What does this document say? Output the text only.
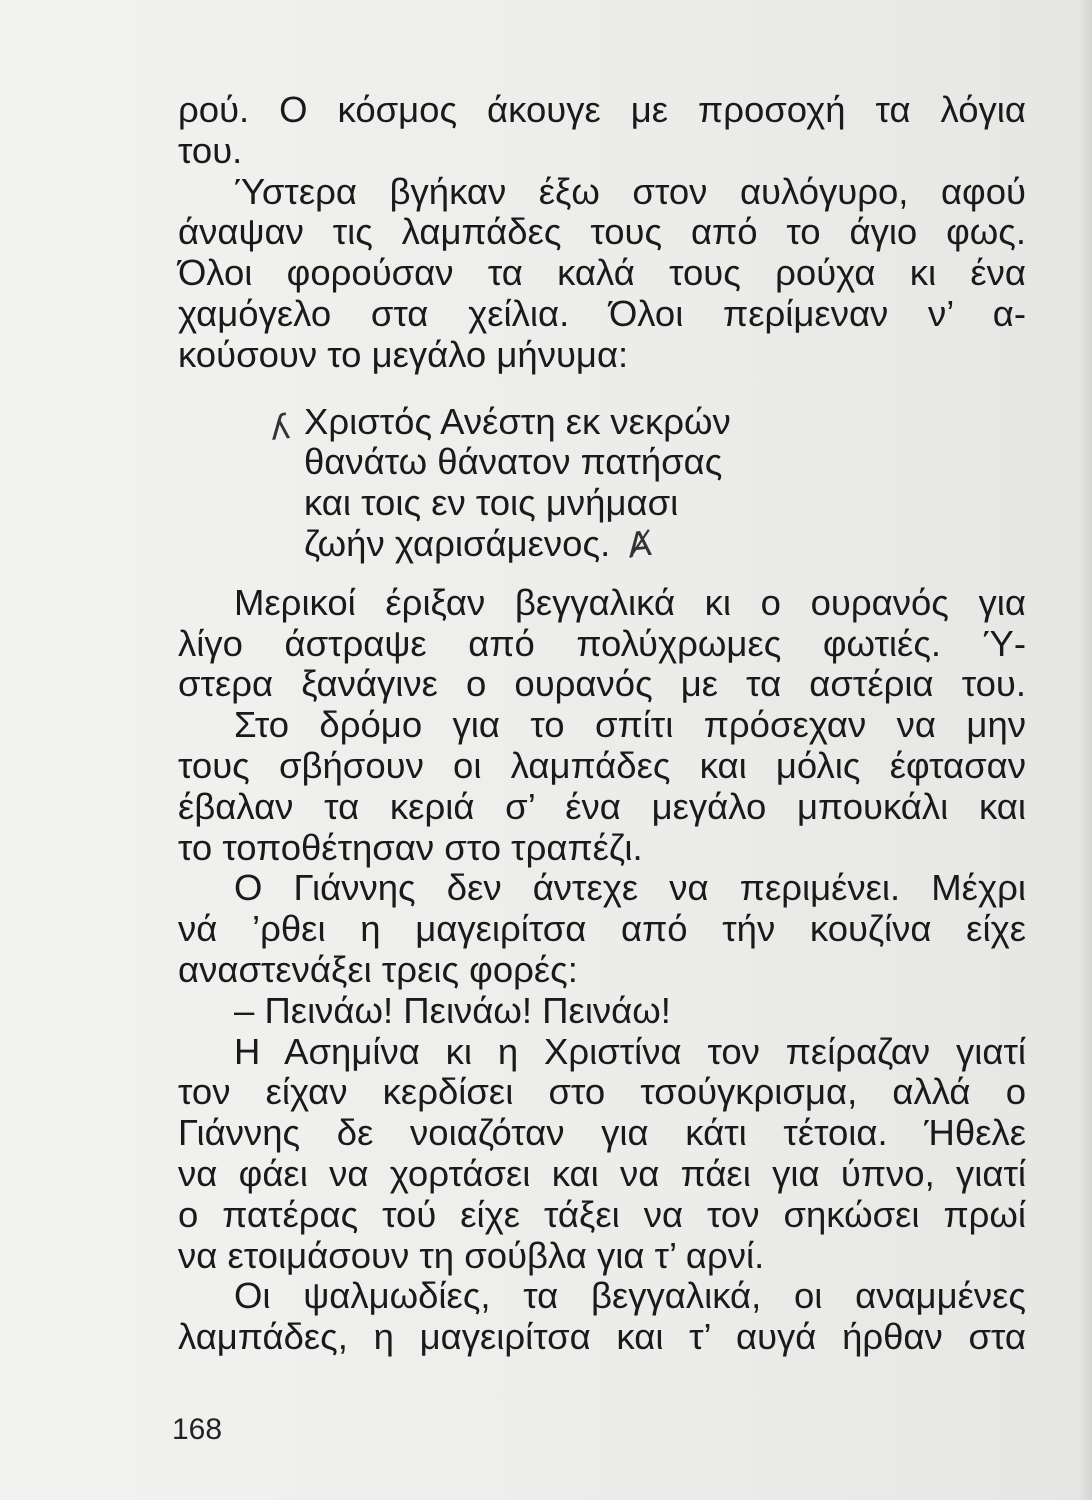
ρού. Ο κόσμος άκουγε με προσοχή τα λόγια
του.
Ύστερα βγήκαν έξω στον αυλόγυρο, αφού
άναψαν τις λαμπάδες τους από το άγιο φως.
Όλοι φορούσαν τα καλά τους ρούχα κι ένα
χαμόγελο στα χείλια. Όλοι περίμεναν ν’ α-
κούσουν το μεγάλο μήνυμα:
ʎ Χριστός Ανέστη εκ νεκρών
θανάτω θάνατον πατήσας
και τοις εν τοις μνήμασι
ζωήν χαρισάμενος. Ⱥ
Μερικοί έριξαν βεγγαλικά κι ο ουρανός για
λίγο άστραψε από πολύχρωμες φωτιές. Ύ-
στερα ξανάγινε ο ουρανός με τα αστέρια του.
Στο δρόμο για το σπίτι πρόσεχαν να μην
τους σβήσουν οι λαμπάδες και μόλις έφτασαν
έβαλαν τα κεριά σ’ ένα μεγάλο μπουκάλι και
το τοποθέτησαν στο τραπέζι.
Ο Γιάννης δεν άντεχε να περιμένει. Μέχρι
νά ’ρθει η μαγειρίτσα από τήν κουζίνα είχε
αναστενάξει τρεις φορές:
– Πεινάω! Πεινάω! Πεινάω!
Η Ασημίνα κι η Χριστίνα τον πείραζαν γιατί
τον είχαν κερδίσει στο τσούγκρισμα, αλλά ο
Γιάννης δε νοιαζόταν για κάτι τέτοια. Ήθελε
να φάει να χορτάσει και να πάει για ύπνο, γιατί
ο πατέρας τού είχε τάξει να τον σηκώσει πρωί
να ετοιμάσουν τη σούβλα για τ’ αρνί.
Οι ψαλμωδίες, τα βεγγαλικά, οι αναμμένες
λαμπάδες, η μαγειρίτσα και τ’ αυγά ήρθαν στα
168
